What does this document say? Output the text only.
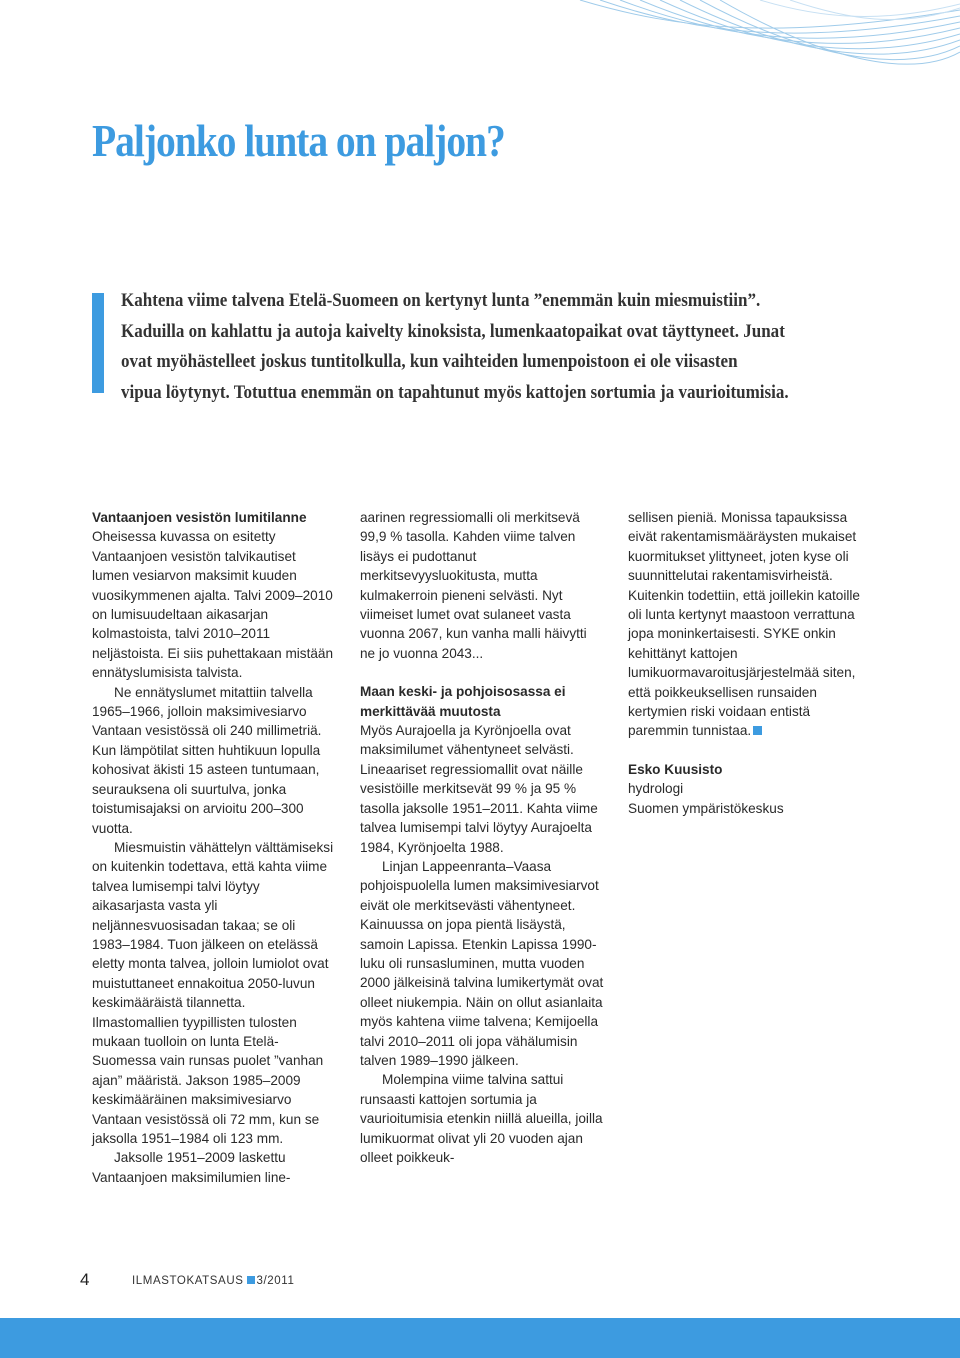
Paljonko lunta on paljon?
Kahtena viime talvena Etelä-Suomeen on kertynyt lunta ”enemmän kuin miesmuistiin”.
Kaduilla on kahlattu ja autoja kaivelty kinoksista, lumenkaatopaikat ovat täyttyneet. Junat
ovat myöhästelleet joskus tuntitolkulla, kun vaihteiden lumenpoistoon ei ole viisasten
vipua löytynyt. Totuttua enemmän on tapahtunut myös kattojen sortumia ja vaurioitumisia.

Vantaanjoen vesistön lumitilanne

Oheisessa kuvassa on esitetty Vantaanjoen vesistön talvikautiset lumen vesiarvon maksimit kuuden vuosikymmenen ajalta. Talvi 2009–2010 on lumisuudeltaan aikasarjan kolmastoista, talvi 2010–2011 neljästoista. Ei siis puhettakaan mistään ennätyslumisista talvista.

Ne ennätyslumet mitattiin talvella 1965–1966, jolloin maksimivesiarvo Vantaan vesistössä oli 240 millimetriä. Kun lämpötilat sitten huhtikuun lopulla kohosivat äkisti 15 asteen tuntumaan, seurauksena oli suurtulva, jonka toistumisajaksi on arvioitu 200–300 vuotta.

Miesmuistin vähättelyn välttämiseksi on kuitenkin todettava, että kahta viime talvea lumisempi talvi löytyy aikasarjasta vasta yli neljännesvuosisadan takaa; se oli 1983–1984. Tuon jälkeen on etelässä eletty monta talvea, jolloin lumiolot ovat muistuttaneet ennakoitua 2050-luvun keskimääräistä tilannetta. Ilmastomallien tyypillisten tulosten mukaan tuolloin on lunta Etelä-Suomessa vain runsas puolet ”vanhan ajan” määristä. Jakson 1985–2009 keskimääräinen maksimivesiarvo Vantaan vesistössä oli 72 mm, kun se jaksolla 1951–1984 oli 123 mm.

Jaksolle 1951–2009 laskettu Vantaanjoen maksimilumien line-

aarinen regressiomalli oli merkitsevä 99,9 % tasolla. Kahden viime talven lisäys ei pudottanut merkitsevyysluokitusta, mutta kulmakerroin pieneni selvästi. Nyt viimeiset lumet ovat sulaneet vasta vuonna 2067, kun vanha malli häivytti ne jo vuonna 2043...

Maan keski- ja pohjoisosassa ei merkittävää muutosta

Myös Aurajoella ja Kyrönjoella ovat maksimilumet vähentyneet selvästi. Lineaariset regressiomallit ovat näille vesistöille merkitsevät 99 % ja 95 % tasolla jaksolle 1951–2011. Kahta viime talvea lumisempi talvi löytyy Aurajoelta 1984, Kyrönjoelta 1988.

Linjan Lappeenranta–Vaasa pohjoispuolella lumen maksimivesiarvot eivät ole merkitsevästi vähentyneet. Kainuussa on jopa pientä lisäystä, samoin Lapissa. Etenkin Lapissa 1990-luku oli runsasluminen, mutta vuoden 2000 jälkeisinä talvina lumikertymät ovat olleet niukempia. Näin on ollut asianlaita myös kahtena viime talvena; Kemijoella talvi 2010–2011 oli jopa vähälumisin talven 1989–1990 jälkeen.

Molempina viime talvina sattui runsaasti kattojen sortumia ja vaurioitumisia etenkin niillä alueilla, joilla lumikuormat olivat yli 20 vuoden ajan olleet poikkeuk-

sellisen pieniä. Monissa tapauksissa eivät rakentamismääräysten mukaiset kuormitukset ylittyneet, joten kyse oli suunnittelutai rakentamisvirheistä. Kuitenkin todettiin, että joillekin katoille oli lunta kertynyt maastoon verrattuna jopa moninkertaisesti. SYKE onkin kehittänyt kattojen lumikuormavaroitusjärjestelmää siten, että poikkeuksellisen runsaiden kertymien riski voidaan entistä paremmin tunnistaa.

Esko Kuusisto

hydrologi

Suomen ympäristökeskus

4	ILMASTOKATSAUS 3/2011
